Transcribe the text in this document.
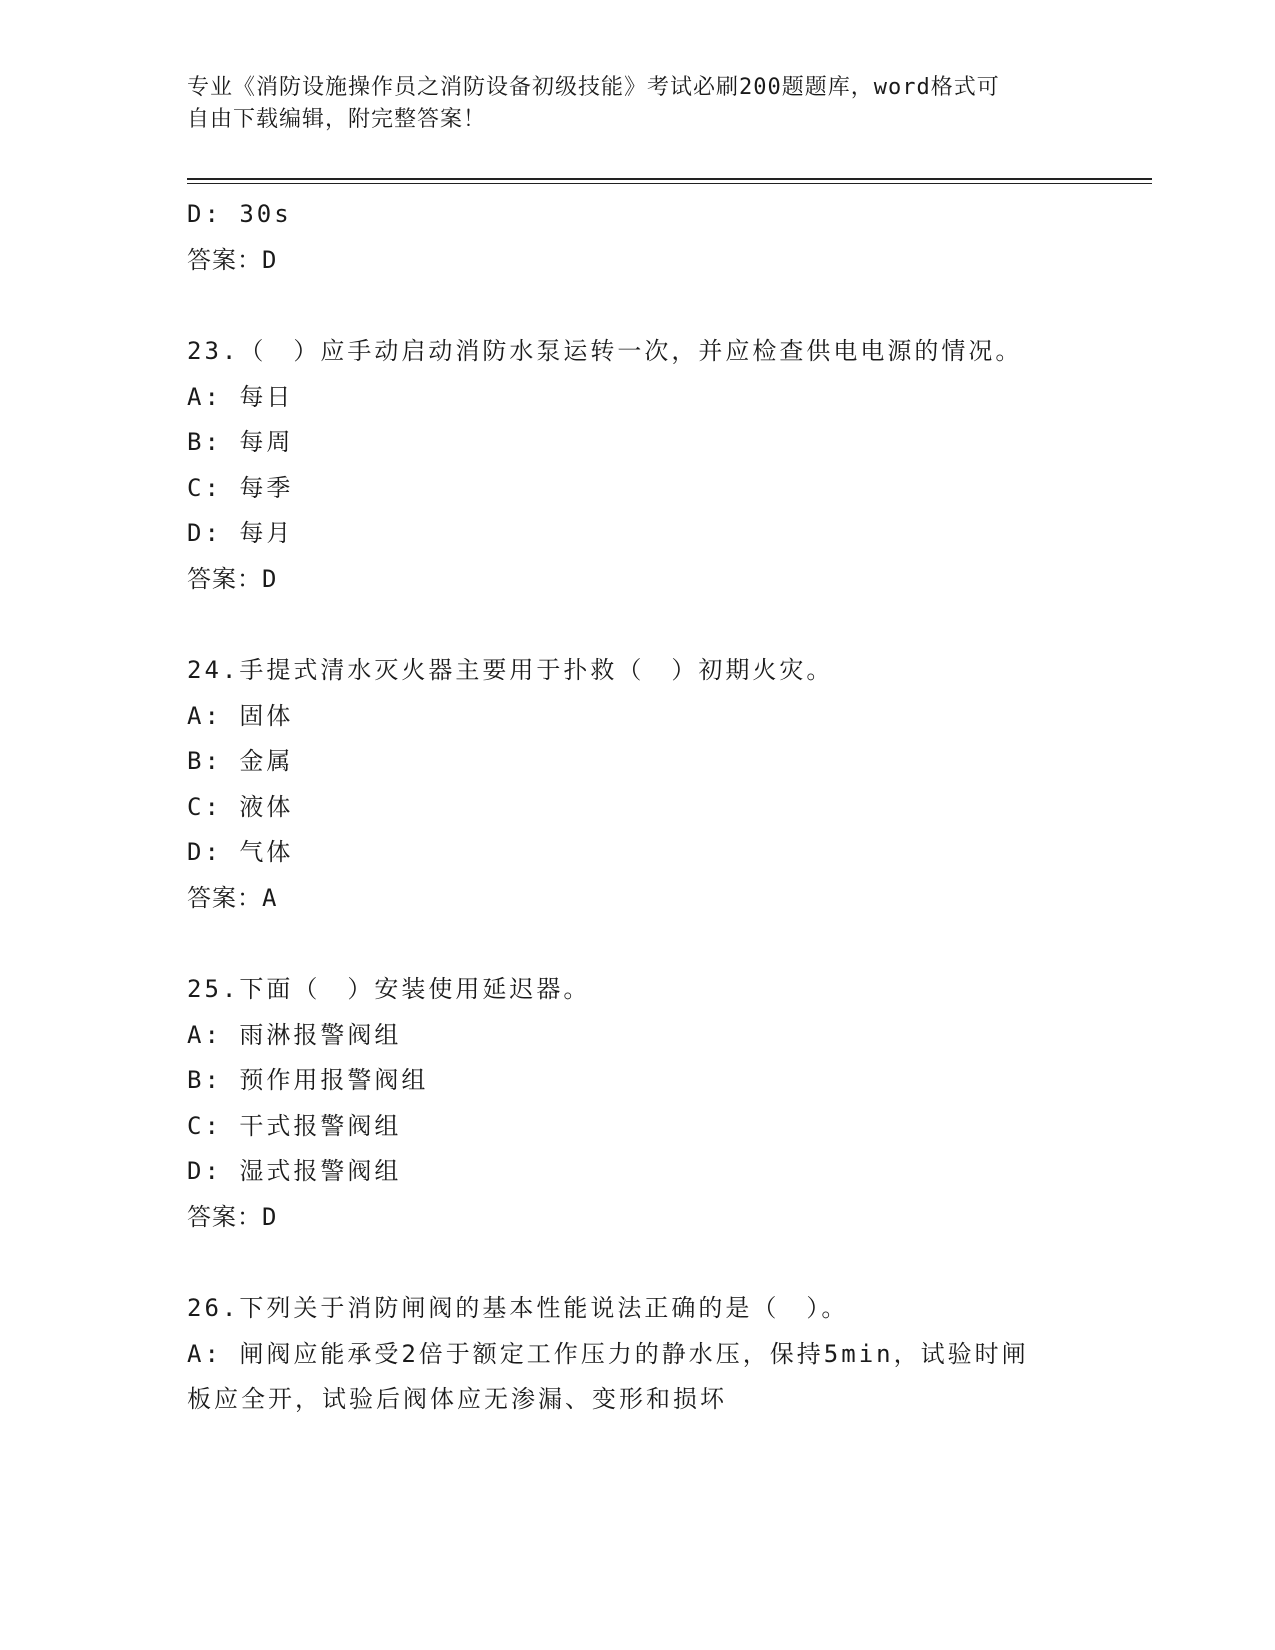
专业《消防设施操作员之消防设备初级技能》考试必刷200题题库，word格式可
自由下载编辑，附完整答案！
D: 30s
答案：D
23.（　）应手动启动消防水泵运转一次，并应检查供电电源的情况。
A: 每日
B: 每周
C: 每季
D: 每月
答案：D
24.手提式清水灭火器主要用于扑救（　）初期火灾。
A: 固体
B: 金属
C: 液体
D: 气体
答案：A
25.下面（　）安装使用延迟器。
A: 雨淋报警阀组
B: 预作用报警阀组
C: 干式报警阀组
D: 湿式报警阀组
答案：D
26.下列关于消防闸阀的基本性能说法正确的是（　）。
A: 闸阀应能承受2倍于额定工作压力的静水压，保持5min，试验时闸
板应全开，试验后阀体应无渗漏、变形和损坏
